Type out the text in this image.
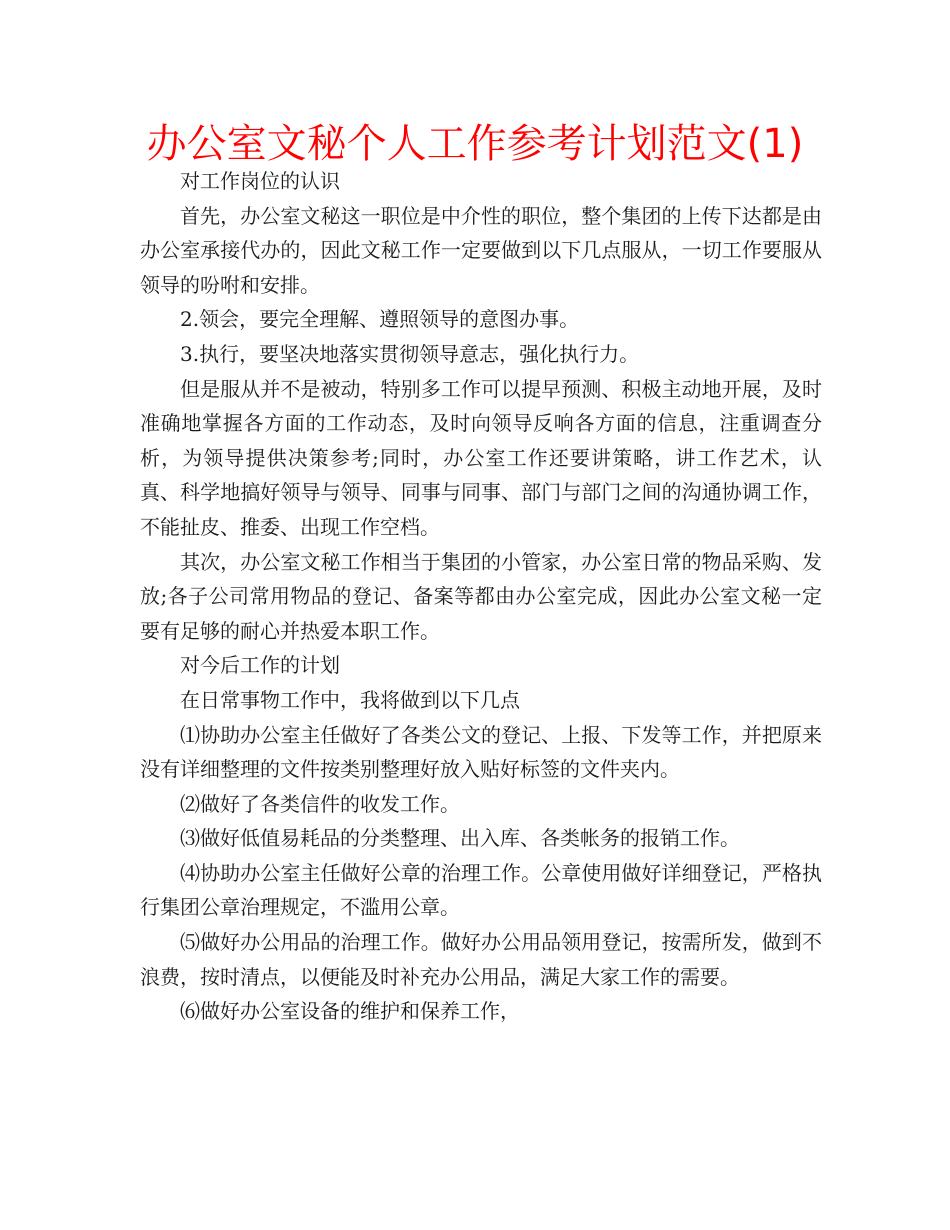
办公室文秘个人工作参考计划范文(1)

对工作岗位的认识

首先，办公室文秘这一职位是中介性的职位，整个集团的上传下达都是由办公室承接代办的，因此文秘工作一定要做到以下几点服从，一切工作要服从领导的吩咐和安排。

2.领会，要完全理解、遵照领导的意图办事。

3.执行，要坚决地落实贯彻领导意志，强化执行力。

但是服从并不是被动，特别多工作可以提早预测、积极主动地开展，及时准确地掌握各方面的工作动态，及时向领导反响各方面的信息，注重调查分析，为领导提供决策参考;同时，办公室工作还要讲策略，讲工作艺术，认真、科学地搞好领导与领导、同事与同事、部门与部门之间的沟通协调工作，不能扯皮、推委、出现工作空档。

其次，办公室文秘工作相当于集团的小管家，办公室日常的物品采购、发放;各子公司常用物品的登记、备案等都由办公室完成，因此办公室文秘一定要有足够的耐心并热爱本职工作。

对今后工作的计划

在日常事物工作中，我将做到以下几点

⑴协助办公室主任做好了各类公文的登记、上报、下发等工作，并把原来没有详细整理的文件按类别整理好放入贴好标签的文件夹内。

⑵做好了各类信件的收发工作。

⑶做好低值易耗品的分类整理、出入库、各类帐务的报销工作。

⑷协助办公室主任做好公章的治理工作。公章使用做好详细登记，严格执行集团公章治理规定，不滥用公章。

⑸做好办公用品的治理工作。做好办公用品领用登记，按需所发，做到不浪费，按时清点，以便能及时补充办公用品，满足大家工作的需要。

⑹做好办公室设备的维护和保养工作，
